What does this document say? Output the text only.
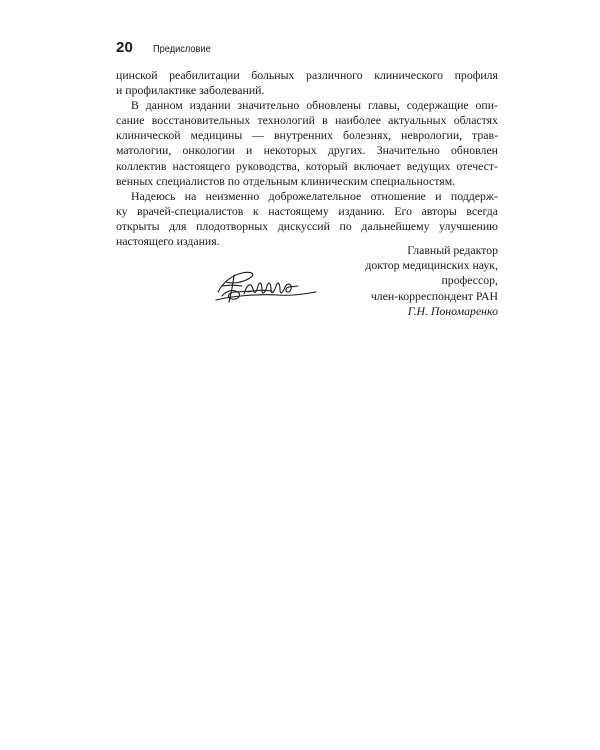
20 Предисловие

цинской реабилитации больных различного клинического профиля
и профилактике заболеваний.

В данном издании значительно обновлены главы, содержащие опи-
сание восстановительных технологий в наиболее актуальных областях
клинической медицины — внутренних болезнях, неврологии, трав-
матологии, онкологии и некоторых других. Значительно обновлен
коллектив настоящего руководства, который включает ведущих отечест-
венных специалистов по отдельным клиническим специальностям.

Надеюсь на неизменно доброжелательное отношение и поддерж-
ку врачей-специалистов к настоящему изданию. Его авторы всегда
открыты для плодотворных дискуссий по дальнейшему улучшению
настоящего издания.

Главный редактор
доктор медицинских наук,
профессор,
член-корреспондент РАН
Г.Н. Пономаренко
